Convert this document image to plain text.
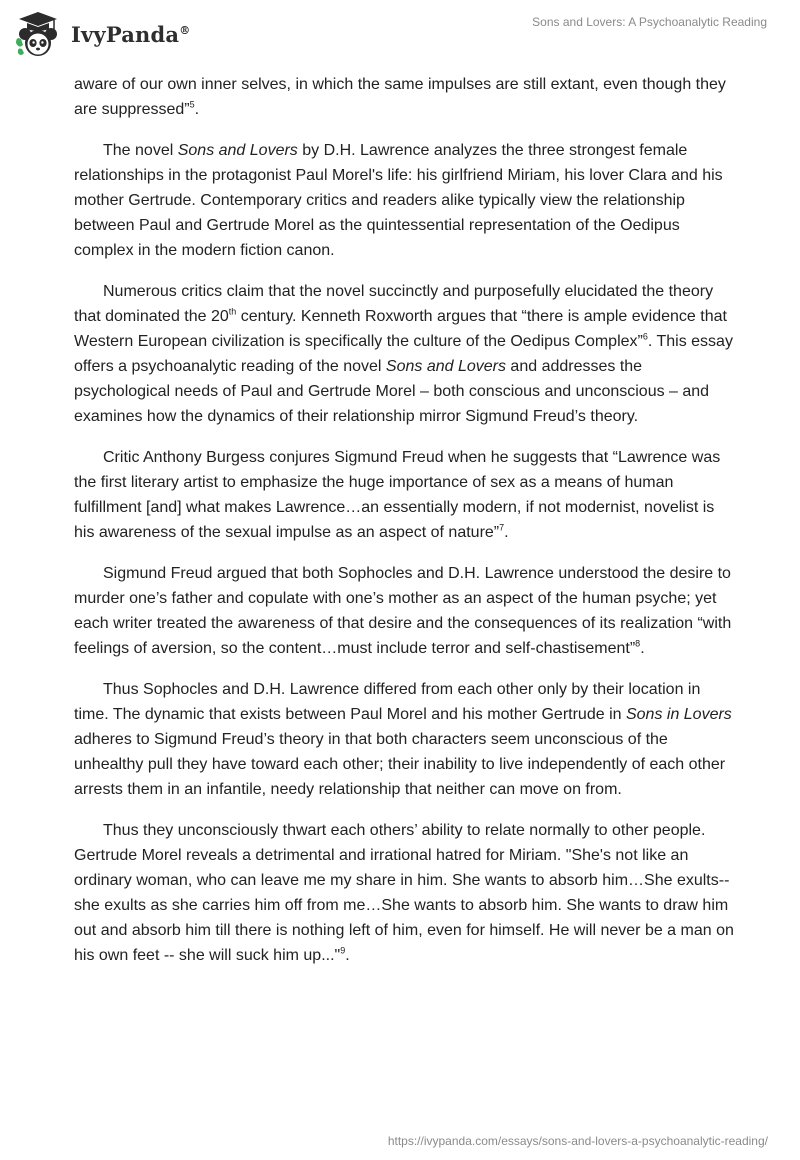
IvyPanda®
Sons and Lovers: A Psychoanalytic Reading

aware of our own inner selves, in which the same impulses are still extant, even though they are suppressed”$^5$.

The novel Sons and Lovers by D.H. Lawrence analyzes the three strongest female relationships in the protagonist Paul Morel's life: his girlfriend Miriam, his lover Clara and his mother Gertrude. Contemporary critics and readers alike typically view the relationship between Paul and Gertrude Morel as the quintessential representation of the Oedipus complex in the modern fiction canon.

Numerous critics claim that the novel succinctly and purposefully elucidated the theory that dominated the 20th century. Kenneth Roxworth argues that “there is ample evidence that Western European civilization is specifically the culture of the Oedipus Complex”$^6$. This essay offers a psychoanalytic reading of the novel Sons and Lovers and addresses the psychological needs of Paul and Gertrude Morel – both conscious and unconscious – and examines how the dynamics of their relationship mirror Sigmund Freud’s theory.

Critic Anthony Burgess conjures Sigmund Freud when he suggests that “Lawrence was the first literary artist to emphasize the huge importance of sex as a means of human fulfillment [and] what makes Lawrence…an essentially modern, if not modernist, novelist is his awareness of the sexual impulse as an aspect of nature”$^7$.

Sigmund Freud argued that both Sophocles and D.H. Lawrence understood the desire to murder one’s father and copulate with one’s mother as an aspect of the human psyche; yet each writer treated the awareness of that desire and the consequences of its realization “with feelings of aversion, so the content…must include terror and self-chastisement”$^8$.

Thus Sophocles and D.H. Lawrence differed from each other only by their location in time. The dynamic that exists between Paul Morel and his mother Gertrude in Sons in Lovers adheres to Sigmund Freud’s theory in that both characters seem unconscious of the unhealthy pull they have toward each other; their inability to live independently of each other arrests them in an infantile, needy relationship that neither can move on from.

Thus they unconsciously thwart each others’ ability to relate normally to other people. Gertrude Morel reveals a detrimental and irrational hatred for Miriam. "She's not like an ordinary woman, who can leave me my share in him. She wants to absorb him…She exults--she exults as she carries him off from me…She wants to absorb him. She wants to draw him out and absorb him till there is nothing left of him, even for himself. He will never be a man on his own feet -- she will suck him up..."$^9$.

https://ivypanda.com/essays/sons-and-lovers-a-psychoanalytic-reading/
